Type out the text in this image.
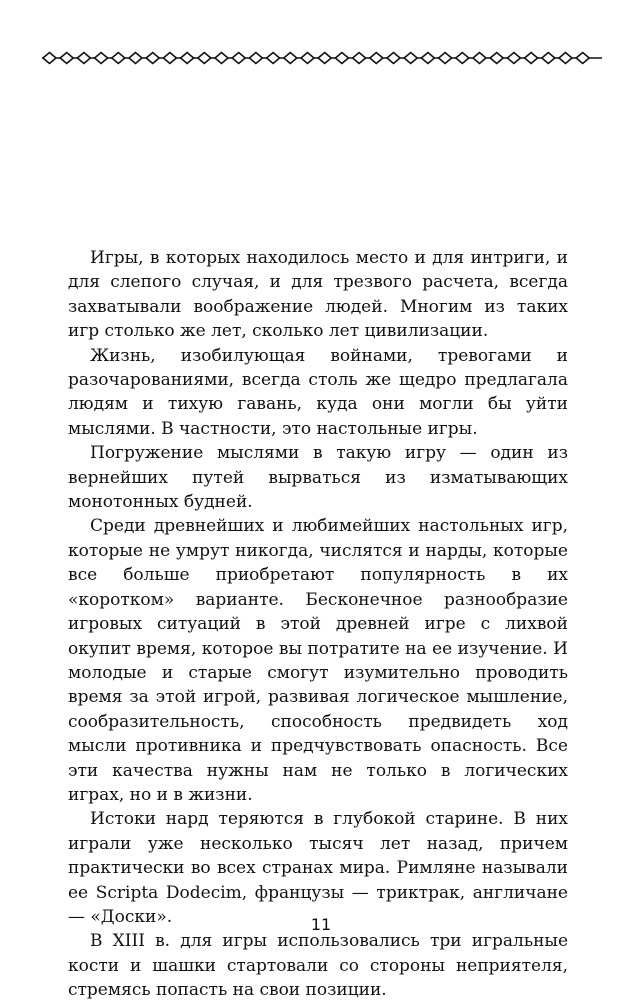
Игры, в которых находилось место и для интриги, и для слепого случая, и для трезвого расчета, всегда захватывали воображение людей. Многим из таких игр столько же лет, сколько лет цивилизации.

Жизнь, изобилующая войнами, тревогами и разочарованиями, всегда столь же щедро предлагала людям и тихую гавань, куда они могли бы уйти мыслями. В частности, это настольные игры.

Погружение мыслями в такую игру — один из вернейших путей вырваться из изматывающих монотонных будней.

Среди древнейших и любимейших настольных игр, которые не умрут никогда, числятся и нарды, которые все больше приобретают популярность в их «коротком» варианте. Бесконечное разнообразие игровых ситуаций в этой древней игре с лихвой окупит время, которое вы потратите на ее изучение. И молодые и старые смогут изумительно проводить время за этой игрой, развивая логическое мышление, сообразительность, способность предвидеть ход мысли противника и предчувствовать опасность. Все эти качества нужны нам не только в логических играх, но и в жизни.

Истоки нард теряются в глубокой старине. В них играли уже несколько тысяч лет назад, причем практически во всех странах мира. Римляне называли ее Scripta Dodecim, французы — триктрак, англичане — «Доски».

В XIII в. для игры использовались три игральные кости и шашки стартовали со стороны неприятеля, стремясь попасть на свои позиции.

11
